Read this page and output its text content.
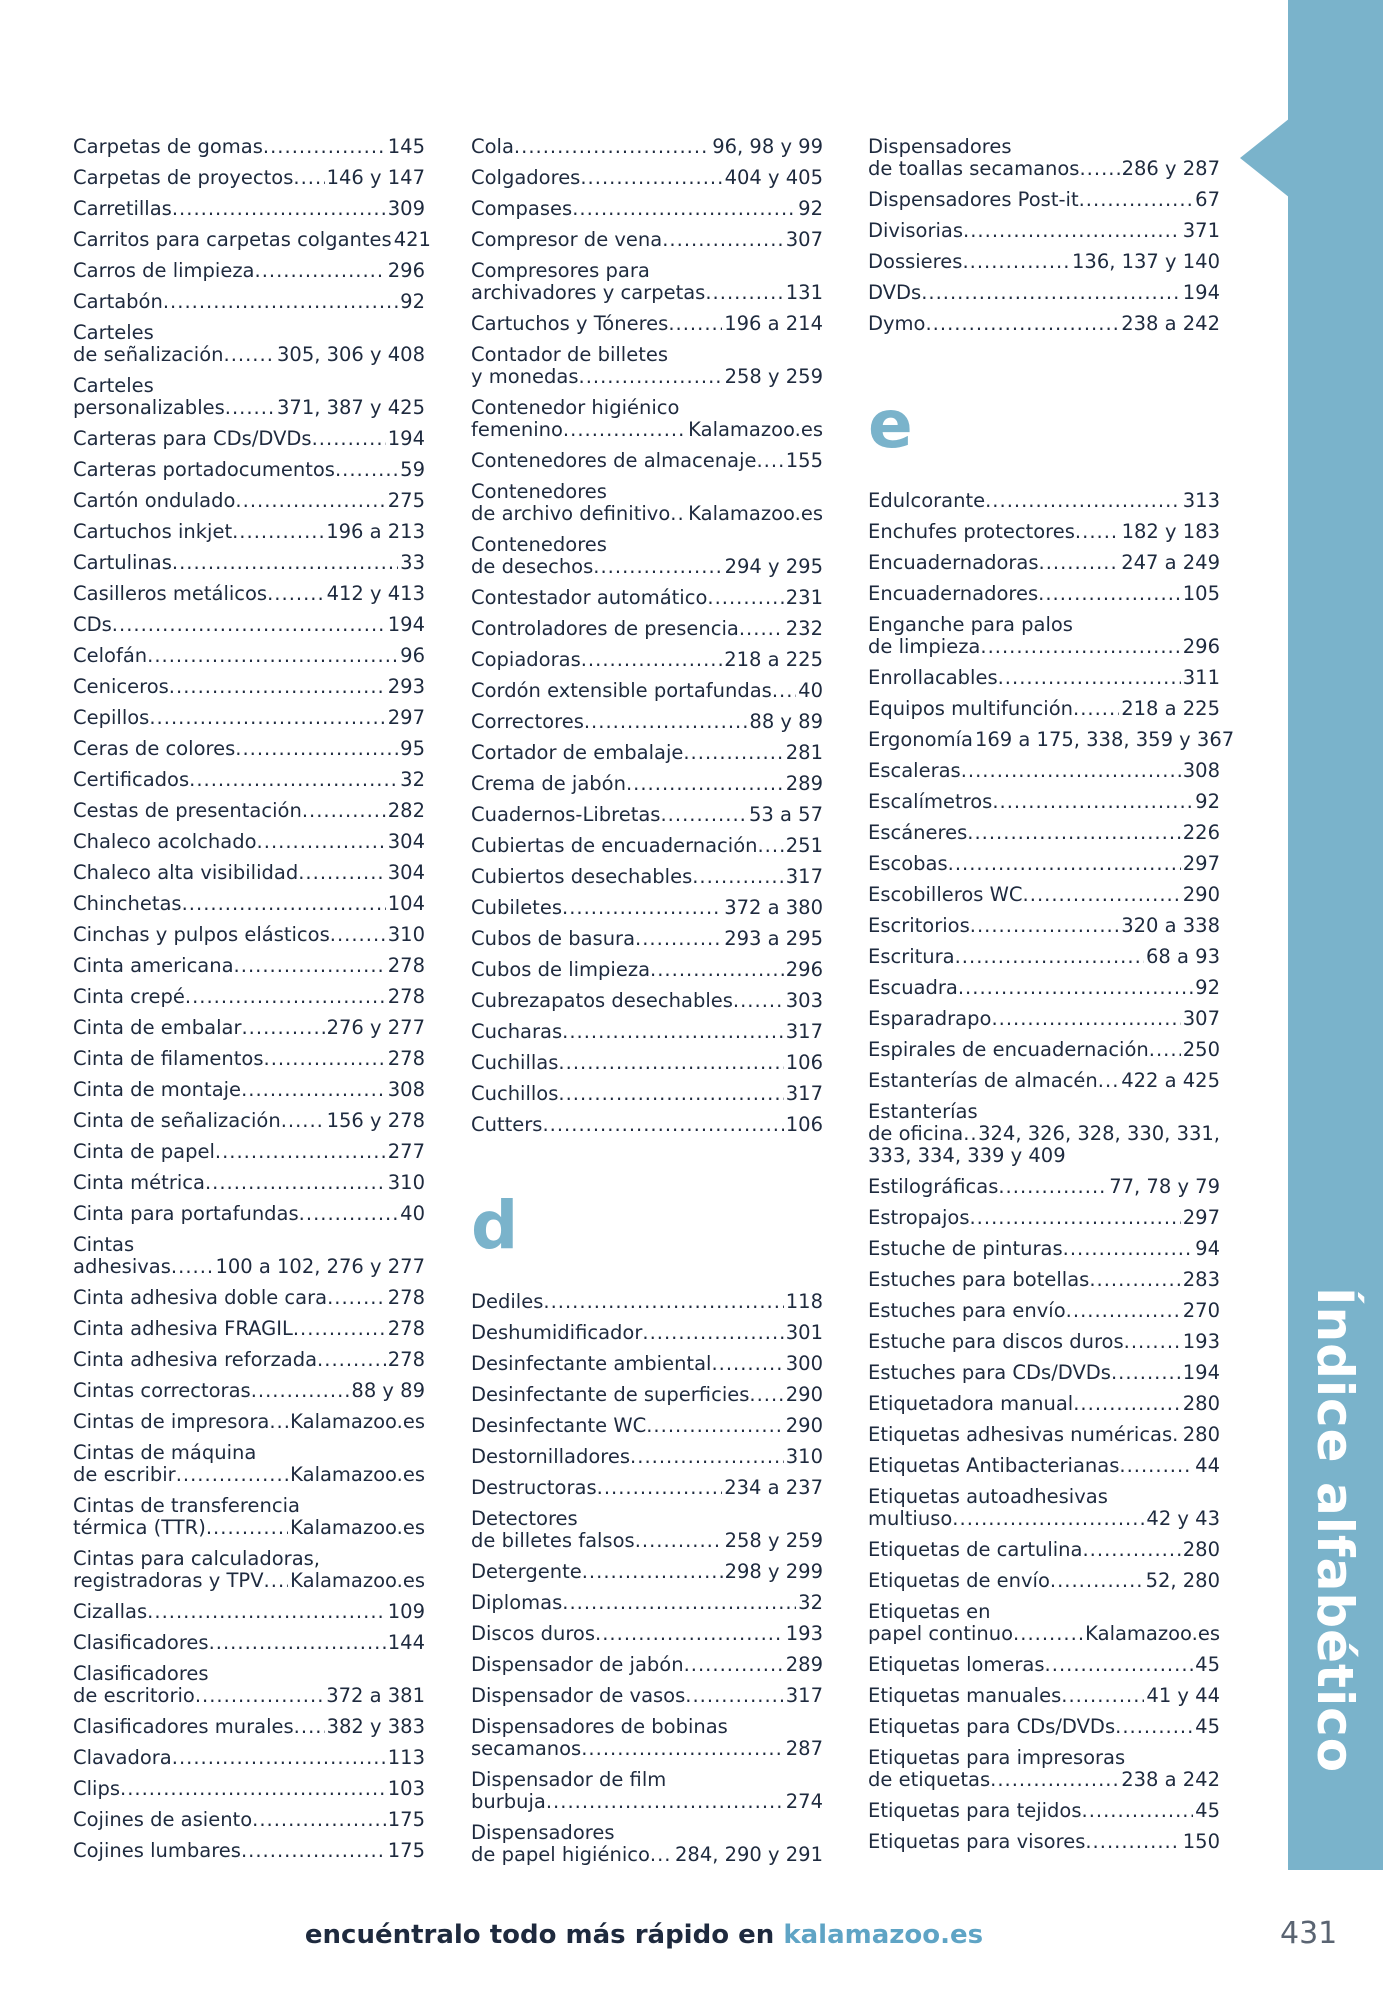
Índice alfabético
Carpetas de gomas .....	145
Carpetas de proyectos ..... 146 y 147
Carretillas .....	309
Carritos para carpetas colgantes 421
Carros de limpieza .....	296
Cartabón .....	92
Carteles
de señalización .....	305, 306 y 408
Carteles
personalizables .....	371, 387 y 425
Carteras para CDs/DVDs .....	194
Carteras portadocumentos .....	59
Cartón ondulado .....	275
Cartuchos inkjet .....	196 a 213
Cartulinas .....	33
Casilleros metálicos .....	412 y 413
CDs .....	194
Celofán .....	96
Ceniceros .....	293
Cepillos .....	297
Ceras de colores .....	95
Certificados .....	32
Cestas de presentación .....	282
Chaleco acolchado .....	304
Chaleco alta visibilidad .....	304
Chinchetas .....	104
Cinchas y pulpos elásticos .....	310
Cinta americana .....	278
Cinta crepé .....	278
Cinta de embalar .....	276 y 277
Cinta de filamentos .....	278
Cinta de montaje .....	308
Cinta de señalización ..... 156 y 278
Cinta de papel .....	277
Cinta métrica .....	310
Cinta para portafundas .....	40
Cintas
adhesivas ..... 100 a 102, 276 y 277
Cinta adhesiva doble cara .....	278
Cinta adhesiva FRAGIL .....	278
Cinta adhesiva reforzada .....	278
Cintas correctoras .....	88 y 89
Cintas de impresora ..... Kalamazoo.es
Cintas de máquina
de escribir .....	Kalamazoo.es
Cintas de transferencia
térmica (TTR) .....	Kalamazoo.es
Cintas para calculadoras,
registradoras y TPV ..... Kalamazoo.es
Cizallas .....	109
Clasificadores .....	144
Clasificadores
de escritorio .....	372 a 381
Clasificadores murales ..... 382 y 383
Clavadora .....	113
Clips .....	103
Cojines de asiento .....	175
Cojines lumbares .....	175
Cola .....	96, 98 y 99
Colgadores .....	404 y 405
Compases .....	92
Compresor de vena .....	307
Compresores para
archivadores y carpetas .....	131
Cartuchos y Tóneres .....	196 a 214
Contador de billetes
y monedas .....	258 y 259
Contenedor higiénico
femenino .....	Kalamazoo.es
Contenedores de almacenaje ..... 155
Contenedores
de archivo definitivo ..... Kalamazoo.es
Contenedores
de desechos .....	294 y 295
Contestador automático .....	231
Controladores de presencia ..... 232
Copiadoras .....	218 a 225
Cordón extensible portafundas ..... 40
Correctores .....	88 y 89
Cortador de embalaje .....	281
Crema de jabón .....	289
Cuadernos-Libretas .....	53 a 57
Cubiertas de encuadernación ..... 251
Cubiertos desechables .....	317
Cubiletes .....	372 a 380
Cubos de basura .....	293 a 295
Cubos de limpieza .....	296
Cubrezapatos desechables .....	303
Cucharas .....	317
Cuchillas .....	106
Cuchillos .....	317
Cutters .....	106
d
Dediles .....	118
Deshumidificador .....	301
Desinfectante ambiental .....	300
Desinfectante de superficies ..... 290
Desinfectante WC .....	290
Destornilladores .....	310
Destructoras .....	234 a 237
Detectores
de billetes falsos .....	258 y 259
Detergente .....	298 y 299
Diplomas .....	32
Discos duros .....	193
Dispensador de jabón .....	289
Dispensador de vasos .....	317
Dispensadores de bobinas
secamanos .....	287
Dispensador de film
burbuja .....	274
Dispensadores
de papel higiénico ..... 284, 290 y 291
Dispensadores
de toallas secamanos ..... 286 y 287
Dispensadores Post-it .....	67
Divisorias .....	371
Dossieres .....	136, 137 y 140
DVDs .....	194
Dymo .....	238 a 242
e
Edulcorante .....	313
Enchufes protectores ..... 182 y 183
Encuadernadoras .....	247 a 249
Encuadernadores .....	105
Enganche para palos
de limpieza .....	296
Enrollacables .....	311
Equipos multifunción ..... 218 a 225
Ergonomía 169 a 175, 338, 359 y 367
Escaleras .....	308
Escalímetros .....	92
Escáneres .....	226
Escobas .....	297
Escobilleros WC .....	290
Escritorios .....	320 a 338
Escritura .....	68 a 93
Escuadra .....	92
Esparadrapo .....	307
Espirales de encuadernación ..... 250
Estanterías de almacén ..... 422 a 425
Estanterías
de oficina ..... 324, 326, 328, 330, 331,
333, 334, 339 y 409
Estilográficas .....	77, 78 y 79
Estropajos .....	297
Estuche de pinturas .....	94
Estuches para botellas .....	283
Estuches para envío .....	270
Estuche para discos duros .....	193
Estuches para CDs/DVDs .....	194
Etiquetadora manual .....	280
Etiquetas adhesivas numéricas ..... 280
Etiquetas Antibacterianas .....	44
Etiquetas autoadhesivas
multiuso .....	42 y 43
Etiquetas de cartulina .....	280
Etiquetas de envío .....	52, 280
Etiquetas en
papel continuo .....	Kalamazoo.es
Etiquetas lomeras .....	45
Etiquetas manuales .....	41 y 44
Etiquetas para CDs/DVDs .....	45
Etiquetas para impresoras
de etiquetas .....	238 a 242
Etiquetas para tejidos .....	45
Etiquetas para visores .....	150
encuéntralo todo más rápido en kalamazoo.es	431
